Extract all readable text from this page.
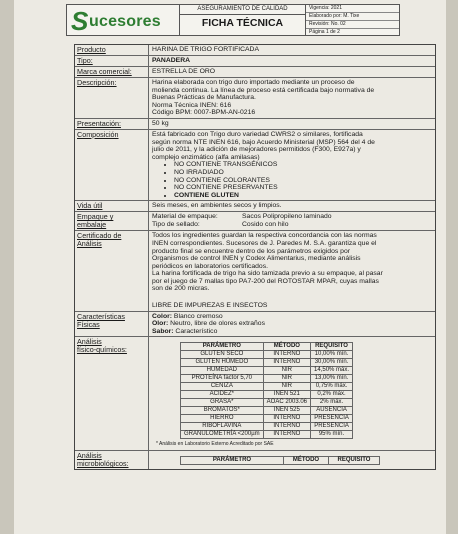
S ucesores
ASEGURAMIENTO DE CALIDAD
FICHA TÉCNICA
Vigencia: 2021
Elaborado por: M. Tixe
Revisión: No. 02
Página 1 de 2
Producto	HARINA DE TRIGO FORTIFICADA
Tipo:	PANADERA
Marca comercial:	ESTRELLA DE ORO
Descripción:	Harina elaborada con trigo duro importado mediante un proceso de

molienda continua. La línea de proceso está certificada bajo normativa de

Buenas Prácticas de Manufactura.

Norma Técnica INEN: 616

Código BPM: 0007-BPM-AN-0216

Presentación:	50 kg
Composición	Está fabricado con Trigo duro variedad CWRS2 o similares, fortificada

según norma NTE INEN 616, bajo Acuerdo Ministerial (MSP) 564 del 4 de

julio de 2011, y la adición de mejoradores permitidos (F300, E927a) y

complejo enzimático (alfa amilasas)

• NO CONTIENE TRANSGÉNICOS
• NO IRRADIADO
• NO CONTIENE COLORANTES
• NO CONTIENE PRESERVANTES
• CONTIENE GLUTEN
Vida útil	Seis meses, en ambientes secos y limpios.
Empaque y
embalaje

Material de empaque:	Sacos Polipropileno laminado

Tipo de sellado:	Cosido con hilo

Certificado de
Análisis

Todos los ingredientes guardan la respectiva concordancia con las normas

INEN correspondientes. Sucesores de J. Paredes M. S.A. garantiza que el

producto final se encuentre dentro de los parámetros exigidos por

Organismos de control INEN y Codex Alimentarius, mediante análisis

periódicos en laboratorios certificados.

La harina fortificada de trigo ha sido tamizada previo a su empaque, al pasar

por el juego de 7 mallas tipo PA7-200 del ROTOSTAR MPAR, cuyas mallas

son de 200 micras.

LIBRE DE IMPUREZAS E INSECTOS

Características
Físicas

Color: Blanco cremoso

Olor: Neutro, libre de olores extraños

Sabor: Característico

Análisis
físico-químicos:	PARÁMETRO	MÉTODO	REQUISITO
GLUTEN SECO	INTERNO	10,00% mín.
GLUTEN HÚMEDO	INTERNO	30,00% mín.
HUMEDAD	NIR	14,50% máx.
PROTEÍNA factor 5,70	NIR	13,00% mín.
CENIZA	NIR	0,75% máx.
ACIDEZ*	INEN 521	0,2% máx.
GRASA*	AOAC 2003.06	2% máx.
BROMATOS*	INEN 525	AUSENCIA
HIERRO	INTERNO	PRESENCIA
RIBOFLAVINA	INTERNO	PRESENCIA
GRANULOMETRÍA <200µm	INTERNO	95% mín.
* Análisis en Laboratorio Externo Acreditado por SAE
Análisis
microbiológicos:	PARÁMETRO	MÉTODO	REQUISITO
